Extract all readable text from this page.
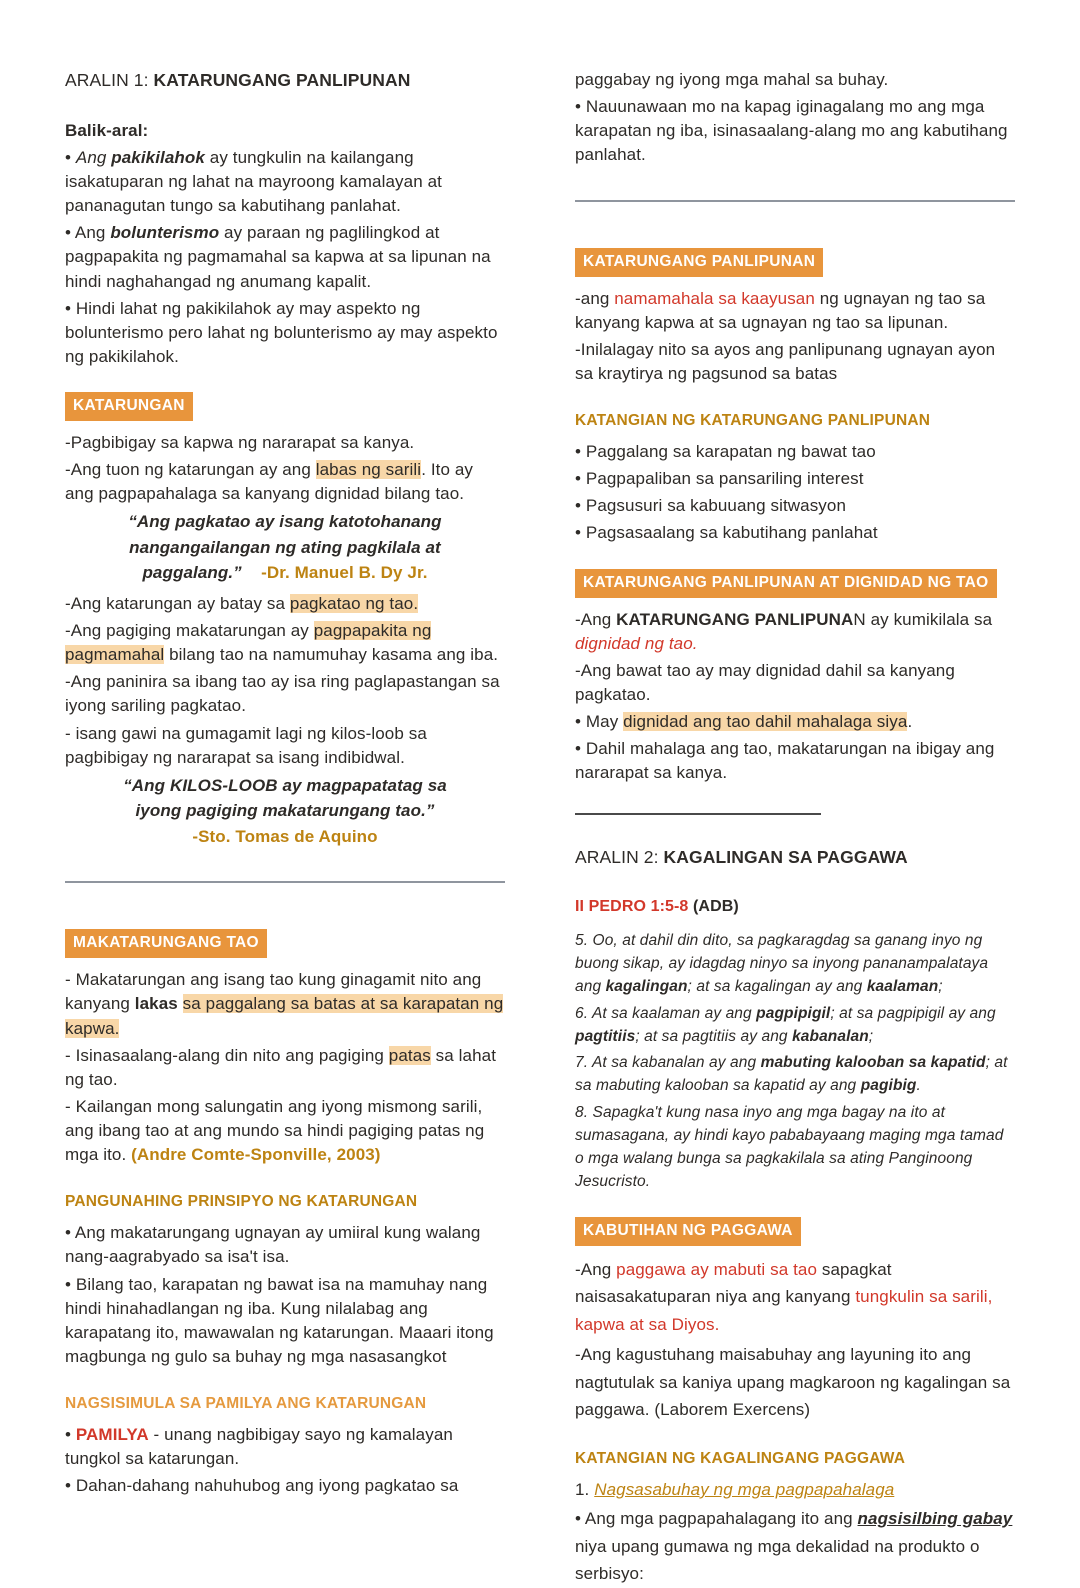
ARALIN 1: KATARUNGANG PANLIPUNAN

Balik-aral:

• Ang pakikilahok ay tungkulin na kailangang isakatuparan ng lahat na mayroong kamalayan at pananagutan tungo sa kabutihang panlahat.

• Ang bolunterismo ay paraan ng paglilingkod at pagpapakita ng pagmamahal sa kapwa at sa lipunan na hindi naghahangad ng anumang kapalit.

• Hindi lahat ng pakikilahok ay may aspekto ng bolunterismo pero lahat ng bolunterismo ay may aspekto ng pakikilahok.

KATARUNGAN

-Pagbibigay sa kapwa ng nararapat sa kanya.

-Ang tuon ng katarungan ay ang labas ng sarili. Ito ay ang pagpapahalaga sa kanyang dignidad bilang tao.

“Ang pagkatao ay isang katotohanang nangangailangan ng ating pagkilala at paggalang.”    -Dr. Manuel B. Dy Jr.

-Ang katarungan ay batay sa pagkatao ng tao.

-Ang pagiging makatarungan ay pagpapakita ng pagmamahal bilang tao na namumuhay kasama ang iba.

-Ang paninira sa ibang tao ay isa ring paglapastangan sa iyong sariling pagkatao.

- isang gawi na gumagamit lagi ng kilos-loob sa pagbibigay ng nararapat sa isang indibidwal.

“Ang KILOS-LOOB ay magpapatatag sa iyong pagiging makatarungang tao.”
-Sto. Tomas de Aquino

MAKATARUNGANG TAO

- Makatarungan ang isang tao kung ginagamit nito ang kanyang lakas sa paggalang sa batas at sa karapatan ng kapwa.

- Isinasaalang-alang din nito ang pagiging patas sa lahat ng tao.

- Kailangan mong salungatin ang iyong mismong sarili, ang ibang tao at ang mundo sa hindi pagiging patas ng mga ito. (Andre Comte-Sponville, 2003)

PANGUNAHING PRINSIPYO NG KATARUNGAN

• Ang makatarungang ugnayan ay umiiral kung walang nang-aagrabyado sa isa't isa.

• Bilang tao, karapatan ng bawat isa na mamuhay nang hindi hinahadlangan ng iba. Kung nilalabag ang karapatang ito, mawawalan ng katarungan. Maaari itong magbunga ng gulo sa buhay ng mga nasasangkot

NAGSISIMULA SA PAMILYA ANG KATARUNGAN

• PAMILYA - unang nagbibigay sayo ng kamalayan tungkol sa katarungan.

• Dahan-dahang nahuhubog ang iyong pagkatao sa

paggabay ng iyong mga mahal sa buhay.

• Nauunawaan mo na kapag iginagalang mo ang mga karapatan ng iba, isinasaalang-alang mo ang kabutihang panlahat.

KATARUNGANG PANLIPUNAN

-ang namamahala sa kaayusan ng ugnayan ng tao sa kanyang kapwa at sa ugnayan ng tao sa lipunan.

-Inilalagay nito sa ayos ang panlipunang ugnayan ayon sa kraytirya ng pagsunod sa batas

KATANGIAN NG KATARUNGANG PANLIPUNAN

• Paggalang sa karapatan ng bawat tao

• Pagpapaliban sa pansariling interest

• Pagsusuri sa kabuuang sitwasyon

• Pagsasaalang sa kabutihang panlahat

KATARUNGANG PANLIPUNAN AT DIGNIDAD NG TAO

-Ang KATARUNGANG PANLIPUNAN ay kumikilala sa dignidad ng tao.

-Ang bawat tao ay may dignidad dahil sa kanyang pagkatao.

• May dignidad ang tao dahil mahalaga siya.

• Dahil mahalaga ang tao, makatarungan na ibigay ang nararapat sa kanya.

ARALIN 2: KAGALINGAN SA PAGGAWA

II PEDRO 1:5-8 (ADB)

5. Oo, at dahil din dito, sa pagkaragdag sa ganang inyo ng buong sikap, ay idagdag ninyo sa inyong pananampalataya ang kagalingan; at sa kagalingan ay ang kaalaman;

6. At sa kaalaman ay ang pagpipigil; at sa pagpipigil ay ang pagtitiis; at sa pagtitiis ay ang kabanalan;

7. At sa kabanalan ay ang mabuting kalooban sa kapatid; at sa mabuting kalooban sa kapatid ay ang pagibig.

8. Sapagka't kung nasa inyo ang mga bagay na ito at sumasagana, ay hindi kayo pababayaang maging mga tamad o mga walang bunga sa pagkakilala sa ating Panginoong Jesucristo.

KABUTIHAN NG PAGGAWA

-Ang paggawa ay mabuti sa tao sapagkat naisasakatuparan niya ang kanyang tungkulin sa sarili, kapwa at sa Diyos.

-Ang kagustuhang maisabuhay ang layuning ito ang nagtutulak sa kaniya upang magkaroon ng kagalingan sa paggawa. (Laborem Exercens)

KATANGIAN NG KAGALINGANG PAGGAWA

1. Nagsasabuhay ng mga pagpapahalaga

• Ang mga pagpapahalagang ito ang nagsisilbing gabay niya upang gumawa ng mga dekalidad na produkto o serbisyo:
